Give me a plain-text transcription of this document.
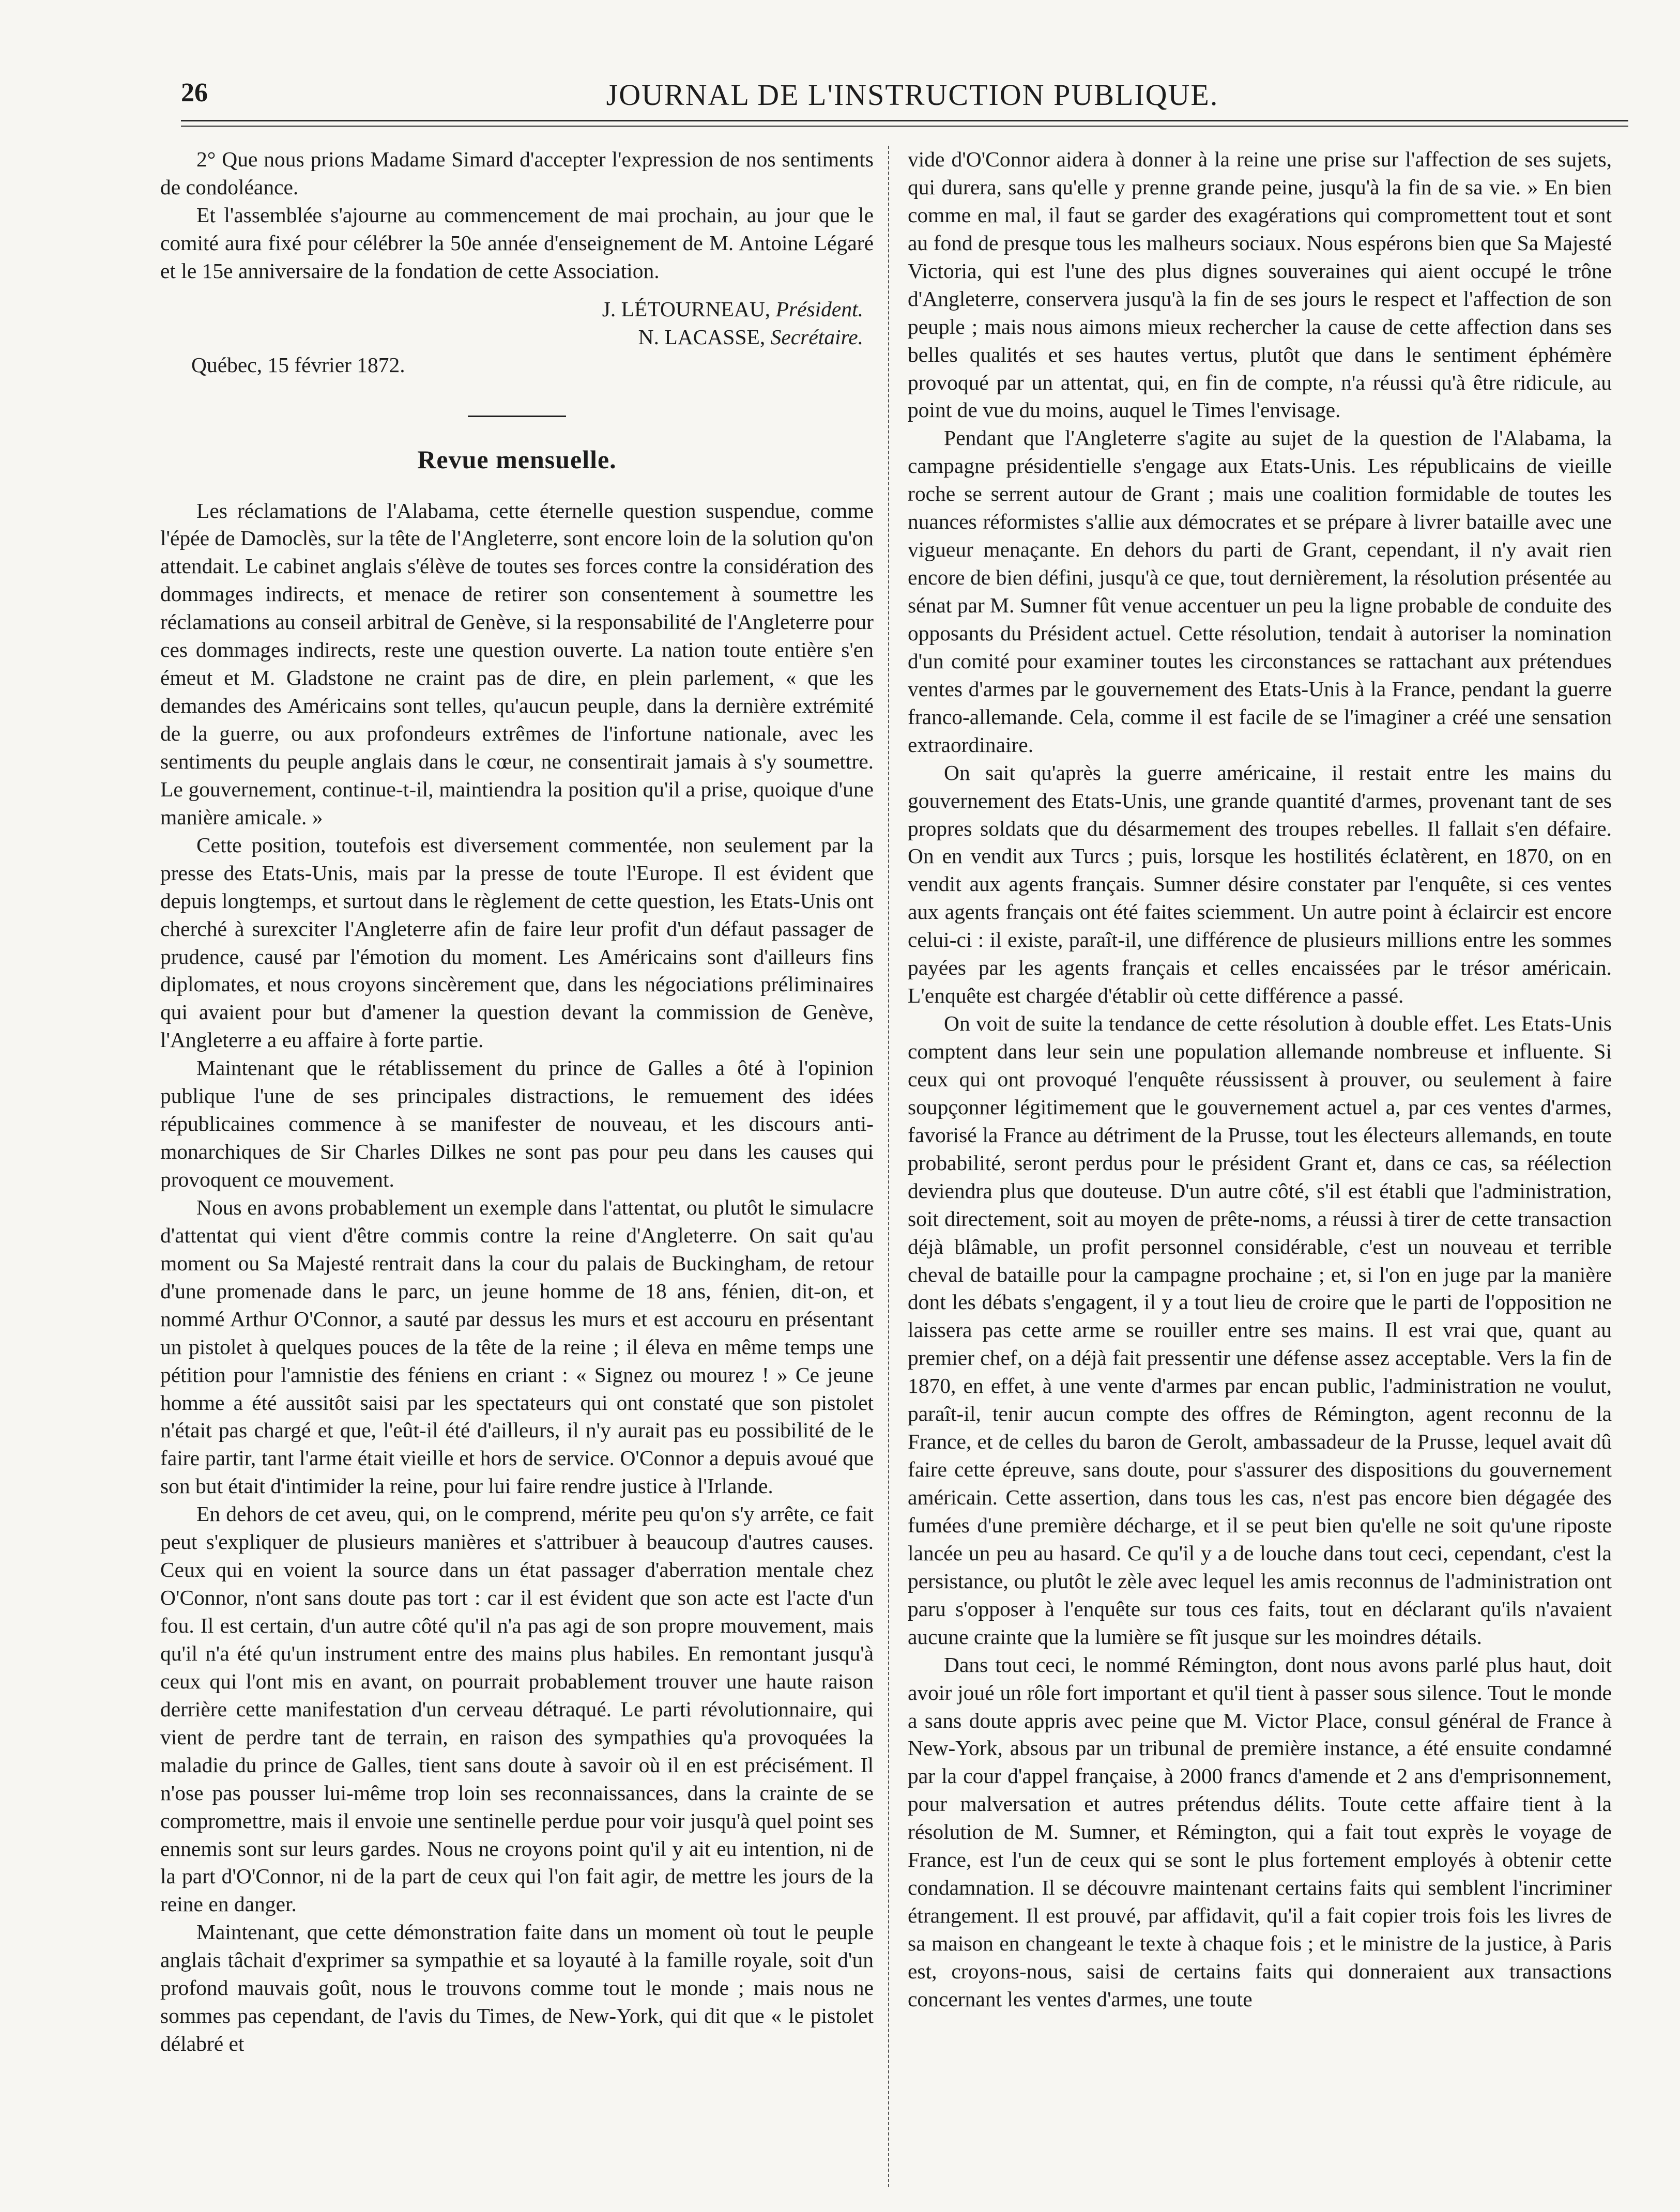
26	JOURNAL DE L'INSTRUCTION PUBLIQUE.

2° Que nous prions Madame Simard d'accepter l'expression de nos sentiments de condoléance.

Et l'assemblée s'ajourne au commencement de mai prochain, au jour que le comité aura fixé pour célébrer la 50e année d'enseignement de M. Antoine Légaré et le 15e anniversaire de la fondation de cette Association.

J. LÉTOURNEAU, Président.

N. LACASSE, Secrétaire.

Québec, 15 février 1872.

Revue mensuelle.

Les réclamations de l'Alabama, cette éternelle question suspendue, comme l'épée de Damoclès, sur la tête de l'Angleterre, sont encore loin de la solution qu'on attendait. Le cabinet anglais s'élève de toutes ses forces contre la considération des dommages indirects, et menace de retirer son consentement à soumettre les réclamations au conseil arbitral de Genève, si la responsabilité de l'Angleterre pour ces dommages indirects, reste une question ouverte. La nation toute entière s'en émeut et M. Gladstone ne craint pas de dire, en plein parlement, « que les demandes des Américains sont telles, qu'aucun peuple, dans la dernière extrémité de la guerre, ou aux profondeurs extrêmes de l'infortune nationale, avec les sentiments du peuple anglais dans le cœur, ne consentirait jamais à s'y soumettre. Le gouvernement, continue-t-il, maintiendra la position qu'il a prise, quoique d'une manière amicale. »

Cette position, toutefois est diversement commentée, non seulement par la presse des Etats-Unis, mais par la presse de toute l'Europe. Il est évident que depuis longtemps, et surtout dans le règlement de cette question, les Etats-Unis ont cherché à surexciter l'Angleterre afin de faire leur profit d'un défaut passager de prudence, causé par l'émotion du moment. Les Américains sont d'ailleurs fins diplomates, et nous croyons sincèrement que, dans les négociations préliminaires qui avaient pour but d'amener la question devant la commission de Genève, l'Angleterre a eu affaire à forte partie.

Maintenant que le rétablissement du prince de Galles a ôté à l'opinion publique l'une de ses principales distractions, le remuement des idées républicaines commence à se manifester de nouveau, et les discours anti-monarchiques de Sir Charles Dilkes ne sont pas pour peu dans les causes qui provoquent ce mouvement.

Nous en avons probablement un exemple dans l'attentat, ou plutôt le simulacre d'attentat qui vient d'être commis contre la reine d'Angleterre. On sait qu'au moment ou Sa Majesté rentrait dans la cour du palais de Buckingham, de retour d'une promenade dans le parc, un jeune homme de 18 ans, fénien, dit-on, et nommé Arthur O'Connor, a sauté par dessus les murs et est accouru en présentant un pistolet à quelques pouces de la tête de la reine ; il éleva en même temps une pétition pour l'amnistie des féniens en criant : « Signez ou mourez ! » Ce jeune homme a été aussitôt saisi par les spectateurs qui ont constaté que son pistolet n'était pas chargé et que, l'eût-il été d'ailleurs, il n'y aurait pas eu possibilité de le faire partir, tant l'arme était vieille et hors de service. O'Connor a depuis avoué que son but était d'intimider la reine, pour lui faire rendre justice à l'Irlande.

En dehors de cet aveu, qui, on le comprend, mérite peu qu'on s'y arrête, ce fait peut s'expliquer de plusieurs manières et s'attribuer à beaucoup d'autres causes. Ceux qui en voient la source dans un état passager d'aberration mentale chez O'Connor, n'ont sans doute pas tort : car il est évident que son acte est l'acte d'un fou. Il est certain, d'un autre côté qu'il n'a pas agi de son propre mouvement, mais qu'il n'a été qu'un instrument entre des mains plus habiles. En remontant jusqu'à ceux qui l'ont mis en avant, on pourrait probablement trouver une haute raison derrière cette manifestation d'un cerveau détraqué. Le parti révolutionnaire, qui vient de perdre tant de terrain, en raison des sympathies qu'a provoquées la maladie du prince de Galles, tient sans doute à savoir où il en est précisément. Il n'ose pas pousser lui-même trop loin ses reconnaissances, dans la crainte de se compromettre, mais il envoie une sentinelle perdue pour voir jusqu'à quel point ses ennemis sont sur leurs gardes. Nous ne croyons point qu'il y ait eu intention, ni de la part d'O'Connor, ni de la part de ceux qui l'on fait agir, de mettre les jours de la reine en danger.

Maintenant, que cette démonstration faite dans un moment où tout le peuple anglais tâchait d'exprimer sa sympathie et sa loyauté à la famille royale, soit d'un profond mauvais goût, nous le trouvons comme tout le monde ; mais nous ne sommes pas cependant, de l'avis du Times, de New-York, qui dit que « le pistolet délabré et

vide d'O'Connor aidera à donner à la reine une prise sur l'affection de ses sujets, qui durera, sans qu'elle y prenne grande peine, jusqu'à la fin de sa vie. » En bien comme en mal, il faut se garder des exagérations qui compromettent tout et sont au fond de presque tous les malheurs sociaux. Nous espérons bien que Sa Majesté Victoria, qui est l'une des plus dignes souveraines qui aient occupé le trône d'Angleterre, conservera jusqu'à la fin de ses jours le respect et l'affection de son peuple ; mais nous aimons mieux rechercher la cause de cette affection dans ses belles qualités et ses hautes vertus, plutôt que dans le sentiment éphémère provoqué par un attentat, qui, en fin de compte, n'a réussi qu'à être ridicule, au point de vue du moins, auquel le Times l'envisage.

Pendant que l'Angleterre s'agite au sujet de la question de l'Alabama, la campagne présidentielle s'engage aux Etats-Unis. Les républicains de vieille roche se serrent autour de Grant ; mais une coalition formidable de toutes les nuances réformistes s'allie aux démocrates et se prépare à livrer bataille avec une vigueur menaçante. En dehors du parti de Grant, cependant, il n'y avait rien encore de bien défini, jusqu'à ce que, tout dernièrement, la résolution présentée au sénat par M. Sumner fût venue accentuer un peu la ligne probable de conduite des opposants du Président actuel. Cette résolution, tendait à autoriser la nomination d'un comité pour examiner toutes les circonstances se rattachant aux prétendues ventes d'armes par le gouvernement des Etats-Unis à la France, pendant la guerre franco-allemande. Cela, comme il est facile de se l'imaginer a créé une sensation extraordinaire.

On sait qu'après la guerre américaine, il restait entre les mains du gouvernement des Etats-Unis, une grande quantité d'armes, provenant tant de ses propres soldats que du désarmement des troupes rebelles. Il fallait s'en défaire. On en vendit aux Turcs ; puis, lorsque les hostilités éclatèrent, en 1870, on en vendit aux agents français. Sumner désire constater par l'enquête, si ces ventes aux agents français ont été faites sciemment. Un autre point à éclaircir est encore celui-ci : il existe, paraît-il, une différence de plusieurs millions entre les sommes payées par les agents français et celles encaissées par le trésor américain. L'enquête est chargée d'établir où cette différence a passé.

On voit de suite la tendance de cette résolution à double effet. Les Etats-Unis comptent dans leur sein une population allemande nombreuse et influente. Si ceux qui ont provoqué l'enquête réussissent à prouver, ou seulement à faire soupçonner légitimement que le gouvernement actuel a, par ces ventes d'armes, favorisé la France au détriment de la Prusse, tout les électeurs allemands, en toute probabilité, seront perdus pour le président Grant et, dans ce cas, sa réélection deviendra plus que douteuse. D'un autre côté, s'il est établi que l'administration, soit directement, soit au moyen de prête-noms, a réussi à tirer de cette transaction déjà blâmable, un profit personnel considérable, c'est un nouveau et terrible cheval de bataille pour la campagne prochaine ; et, si l'on en juge par la manière dont les débats s'engagent, il y a tout lieu de croire que le parti de l'opposition ne laissera pas cette arme se rouiller entre ses mains. Il est vrai que, quant au premier chef, on a déjà fait pressentir une défense assez acceptable. Vers la fin de 1870, en effet, à une vente d'armes par encan public, l'administration ne voulut, paraît-il, tenir aucun compte des offres de Rémington, agent reconnu de la France, et de celles du baron de Gerolt, ambassadeur de la Prusse, lequel avait dû faire cette épreuve, sans doute, pour s'assurer des dispositions du gouvernement américain. Cette assertion, dans tous les cas, n'est pas encore bien dégagée des fumées d'une première décharge, et il se peut bien qu'elle ne soit qu'une riposte lancée un peu au hasard. Ce qu'il y a de louche dans tout ceci, cependant, c'est la persistance, ou plutôt le zèle avec lequel les amis reconnus de l'administration ont paru s'opposer à l'enquête sur tous ces faits, tout en déclarant qu'ils n'avaient aucune crainte que la lumière se fît jusque sur les moindres détails.

Dans tout ceci, le nommé Rémington, dont nous avons parlé plus haut, doit avoir joué un rôle fort important et qu'il tient à passer sous silence. Tout le monde a sans doute appris avec peine que M. Victor Place, consul général de France à New-York, absous par un tribunal de première instance, a été ensuite condamné par la cour d'appel française, à 2000 francs d'amende et 2 ans d'emprisonnement, pour malversation et autres prétendus délits. Toute cette affaire tient à la résolution de M. Sumner, et Rémington, qui a fait tout exprès le voyage de France, est l'un de ceux qui se sont le plus fortement employés à obtenir cette condamnation. Il se découvre maintenant certains faits qui semblent l'incriminer étrangement. Il est prouvé, par affidavit, qu'il a fait copier trois fois les livres de sa maison en changeant le texte à chaque fois ; et le ministre de la justice, à Paris est, croyons-nous, saisi de certains faits qui donneraient aux transactions concernant les ventes d'armes, une toute
